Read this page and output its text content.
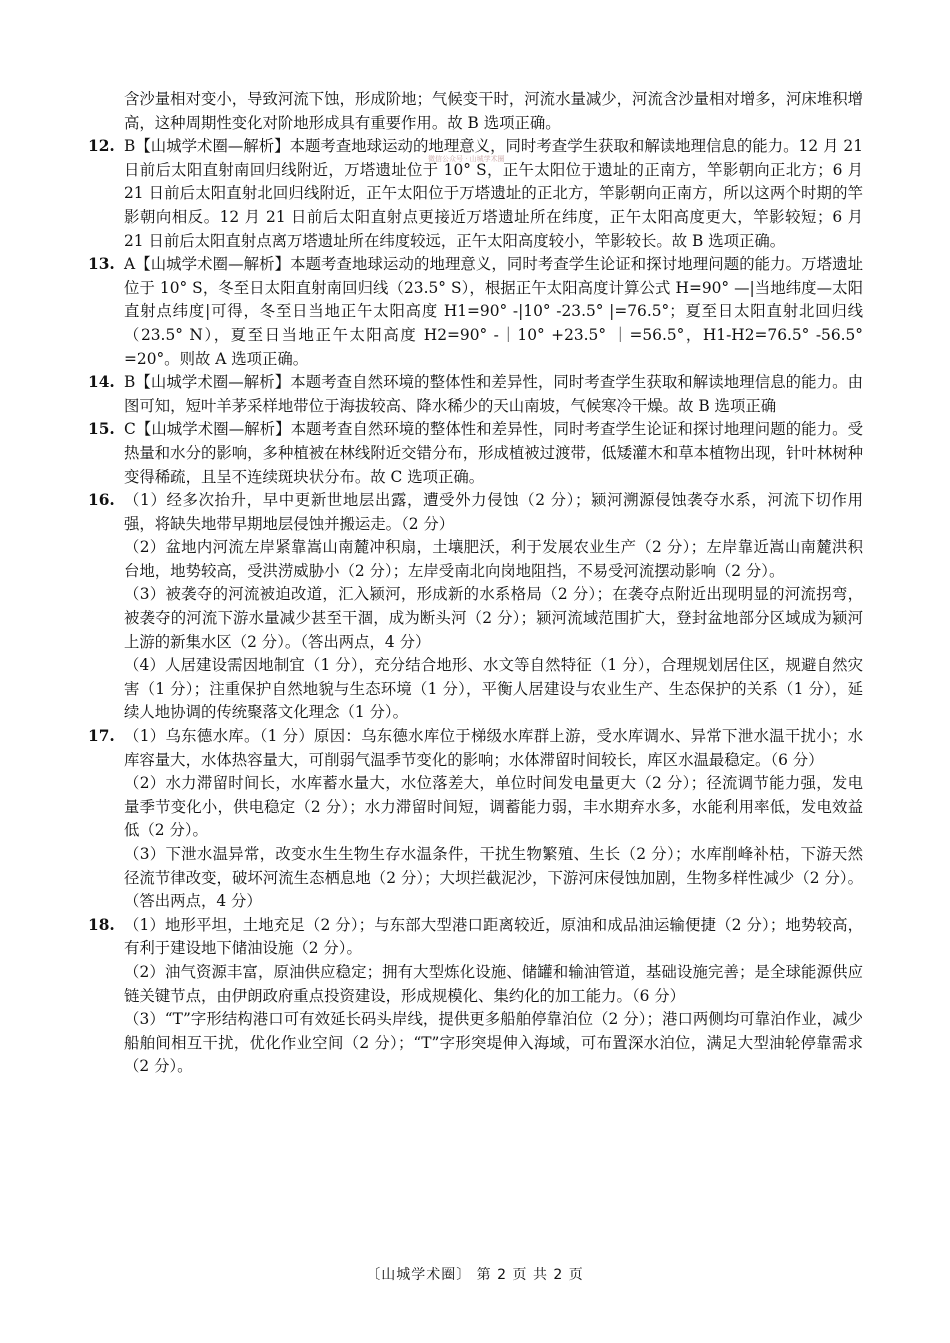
微信公众号 · 山城学术圈

含沙量相对变小，导致河流下蚀，形成阶地；气候变干时，河流水量减少，河流含沙量相对增多，河床堆积增高，这种周期性变化对阶地形成具有重要作用。故 B 选项正确。

12. B【山城学术圈—解析】本题考查地球运动的地理意义，同时考查学生获取和解读地理信息的能力。12 月 21 日前后太阳直射南回归线附近，万塔遗址位于 10° S，正午太阳位于遗址的正南方，竿影朝向正北方；6 月 21 日前后太阳直射北回归线附近，正午太阳位于万塔遗址的正北方，竿影朝向正南方，所以这两个时期的竿影朝向相反。12 月 21 日前后太阳直射点更接近万塔遗址所在纬度，正午太阳高度更大，竿影较短；6 月 21 日前后太阳直射点离万塔遗址所在纬度较远，正午太阳高度较小，竿影较长。故 B 选项正确。
13. A【山城学术圈—解析】本题考查地球运动的地理意义，同时考查学生论证和探讨地理问题的能力。万塔遗址位于 10° S，冬至日太阳直射南回归线（23.5° S），根据正午太阳高度计算公式 H=90° —|当地纬度—太阳直射点纬度|可得，冬至日当地正午太阳高度 H1=90° -|10° -23.5° |=76.5°；夏至日太阳直射北回归线（23.5° N），夏至日当地正午太阳高度 H2=90° -｜10° +23.5° ｜=56.5°，H1-H2=76.5° -56.5° =20°。则故 A 选项正确。
14. B【山城学术圈—解析】本题考查自然环境的整体性和差异性，同时考查学生获取和解读地理信息的能力。由图可知，短叶羊茅采样地带位于海拔较高、降水稀少的天山南坡，气候寒冷干燥。故 B 选项正确
15. C【山城学术圈—解析】本题考查自然环境的整体性和差异性，同时考查学生论证和探讨地理问题的能力。受热量和水分的影响，多种植被在林线附近交错分布，形成植被过渡带，低矮灌木和草本植物出现，针叶林树种变得稀疏，且呈不连续斑块状分布。故 C 选项正确。
16. （1）经多次抬升，早中更新世地层出露，遭受外力侵蚀（2 分）；颍河溯源侵蚀袭夺水系，河流下切作用强，将缺失地带早期地层侵蚀并搬运走。（2 分）

（2）盆地内河流左岸紧靠嵩山南麓冲积扇，土壤肥沃，利于发展农业生产（2 分）；左岸靠近嵩山南麓洪积台地，地势较高，受洪涝威胁小（2 分）；左岸受南北向岗地阻挡，不易受河流摆动影响（2 分）。

（3）被袭夺的河流被迫改道，汇入颍河，形成新的水系格局（2 分）；在袭夺点附近出现明显的河流拐弯，被袭夺的河流下游水量减少甚至干涸，成为断头河（2 分）；颍河流域范围扩大，登封盆地部分区域成为颍河上游的新集水区（2 分）。（答出两点，4 分）

（4）人居建设需因地制宜（1 分），充分结合地形、水文等自然特征（1 分），合理规划居住区，规避自然灾害（1 分）；注重保护自然地貌与生态环境（1 分），平衡人居建设与农业生产、生态保护的关系（1 分），延续人地协调的传统聚落文化理念（1 分）。

17. （1）乌东德水库。（1 分）原因：乌东德水库位于梯级水库群上游，受水库调水、异常下泄水温干扰小；水库容量大，水体热容量大，可削弱气温季节变化的影响；水体滞留时间较长，库区水温最稳定。（6 分）

（2）水力滞留时间长，水库蓄水量大，水位落差大，单位时间发电量更大（2 分）；径流调节能力强，发电量季节变化小，供电稳定（2 分）；水力滞留时间短，调蓄能力弱，丰水期弃水多，水能利用率低，发电效益低（2 分）。

（3）下泄水温异常，改变水生生物生存水温条件，干扰生物繁殖、生长（2 分）；水库削峰补枯，下游天然径流节律改变，破坏河流生态栖息地（2 分）；大坝拦截泥沙，下游河床侵蚀加剧，生物多样性减少（2 分）。（答出两点，4 分）

18. （1）地形平坦，土地充足（2 分）；与东部大型港口距离较近，原油和成品油运输便捷（2 分）；地势较高，有利于建设地下储油设施（2 分）。

（2）油气资源丰富，原油供应稳定；拥有大型炼化设施、储罐和输油管道，基础设施完善；是全球能源供应链关键节点，由伊朗政府重点投资建设，形成规模化、集约化的加工能力。（6 分）

（3）“T”字形结构港口可有效延长码头岸线，提供更多船舶停靠泊位（2 分）；港口两侧均可靠泊作业，减少船舶间相互干扰，优化作业空间（2 分）；“T”字形突堤伸入海域，可布置深水泊位，满足大型油轮停靠需求（2 分）。

〔山城学术圈〕 第 2 页 共 2 页
